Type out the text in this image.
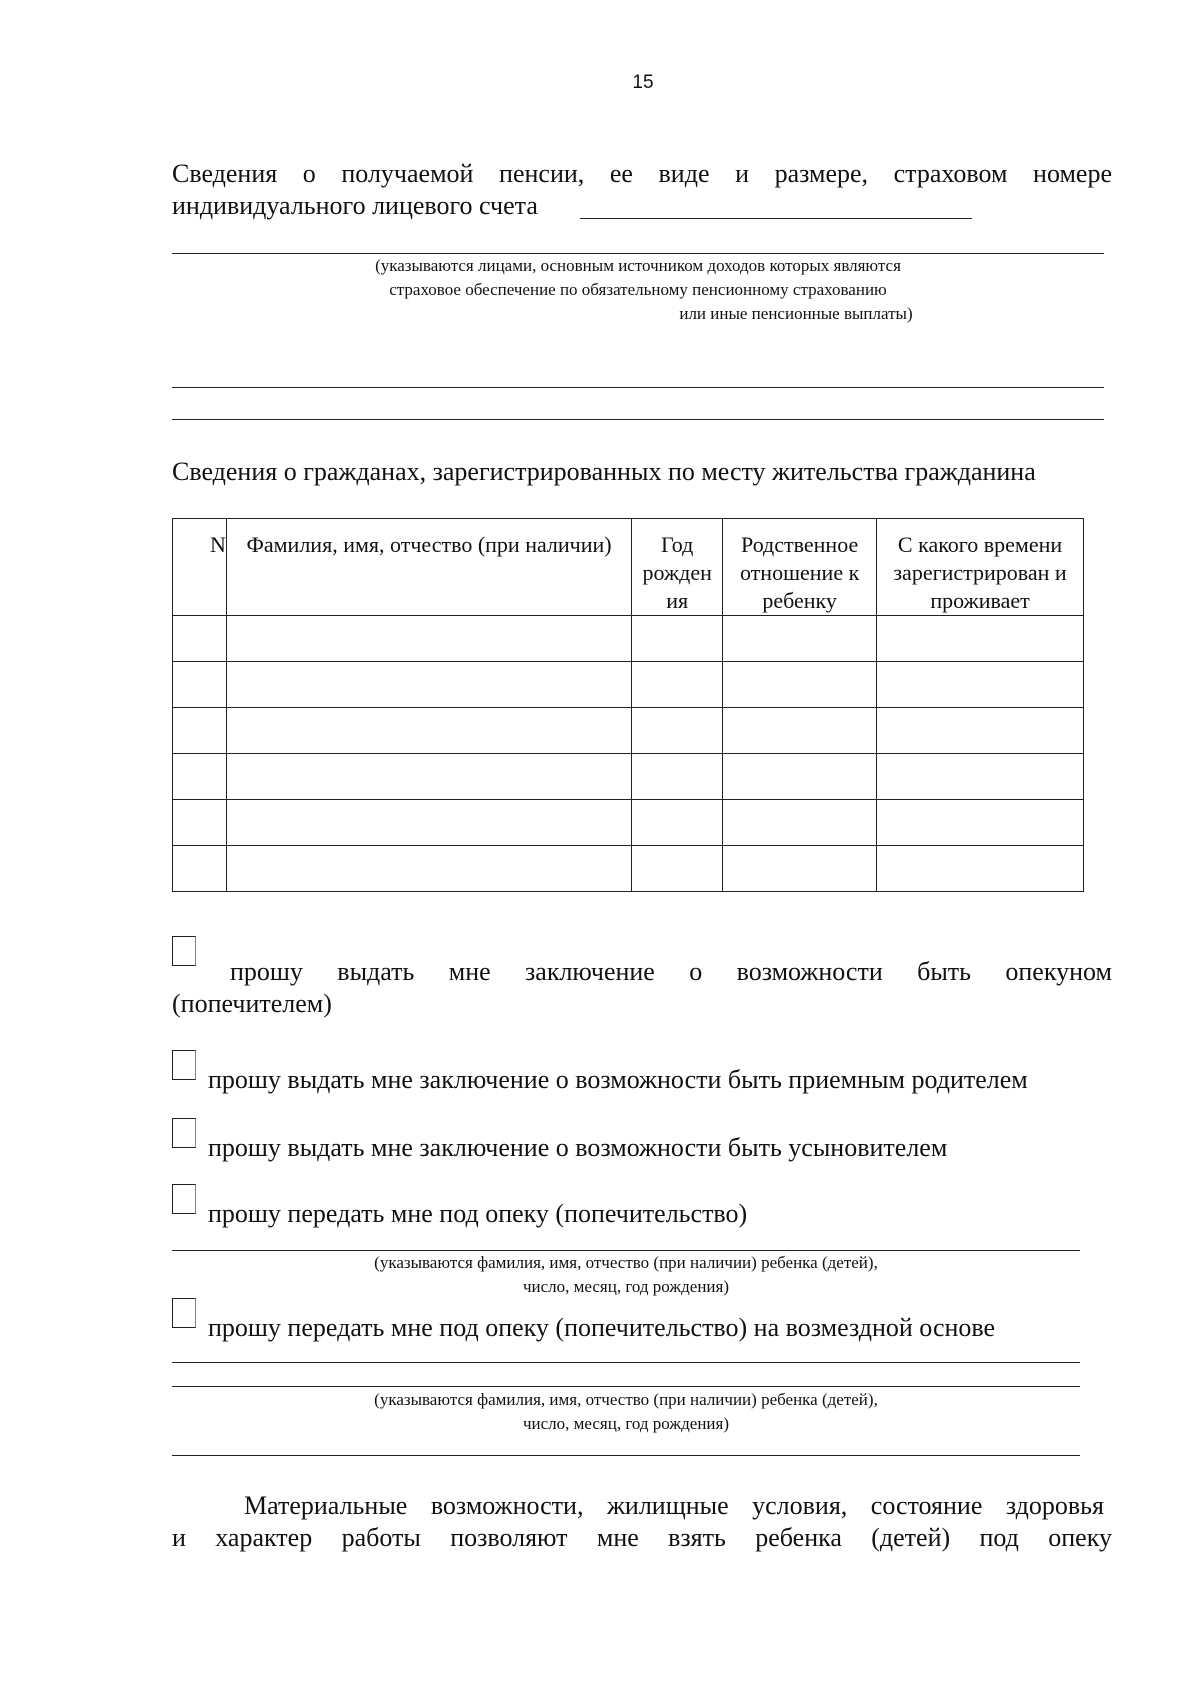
15
Сведения о получаемой пенсии, ее виде и размере, страховом номере
индивидуального лицевого счета
(указываются лицами, основным источником доходов которых являются
страховое обеспечение по обязательному пенсионному страхованию
или иные пенсионные выплаты)
Сведения о гражданах, зарегистрированных по месту жительства гражданина
N	Фамилия, имя, отчество (при наличии)	Год рожден ия	Родственное отношение к ребенку	С какого времени зарегистрирован и проживает

прошу выдать мне заключение о возможности быть опекуном
(попечителем)
прошу выдать мне заключение о возможности быть приемным родителем
прошу выдать мне заключение о возможности быть усыновителем
прошу передать мне под опеку (попечительство)
(указываются фамилия, имя, отчество (при наличии) ребенка (детей),
число, месяц, год рождения)
прошу передать мне под опеку (попечительство) на возмездной основе
(указываются фамилия, имя, отчество (при наличии) ребенка (детей),
число, месяц, год рождения)
Материальные возможности, жилищные условия, состояние здоровья
и характер работы позволяют мне взять ребенка (детей) под опеку
